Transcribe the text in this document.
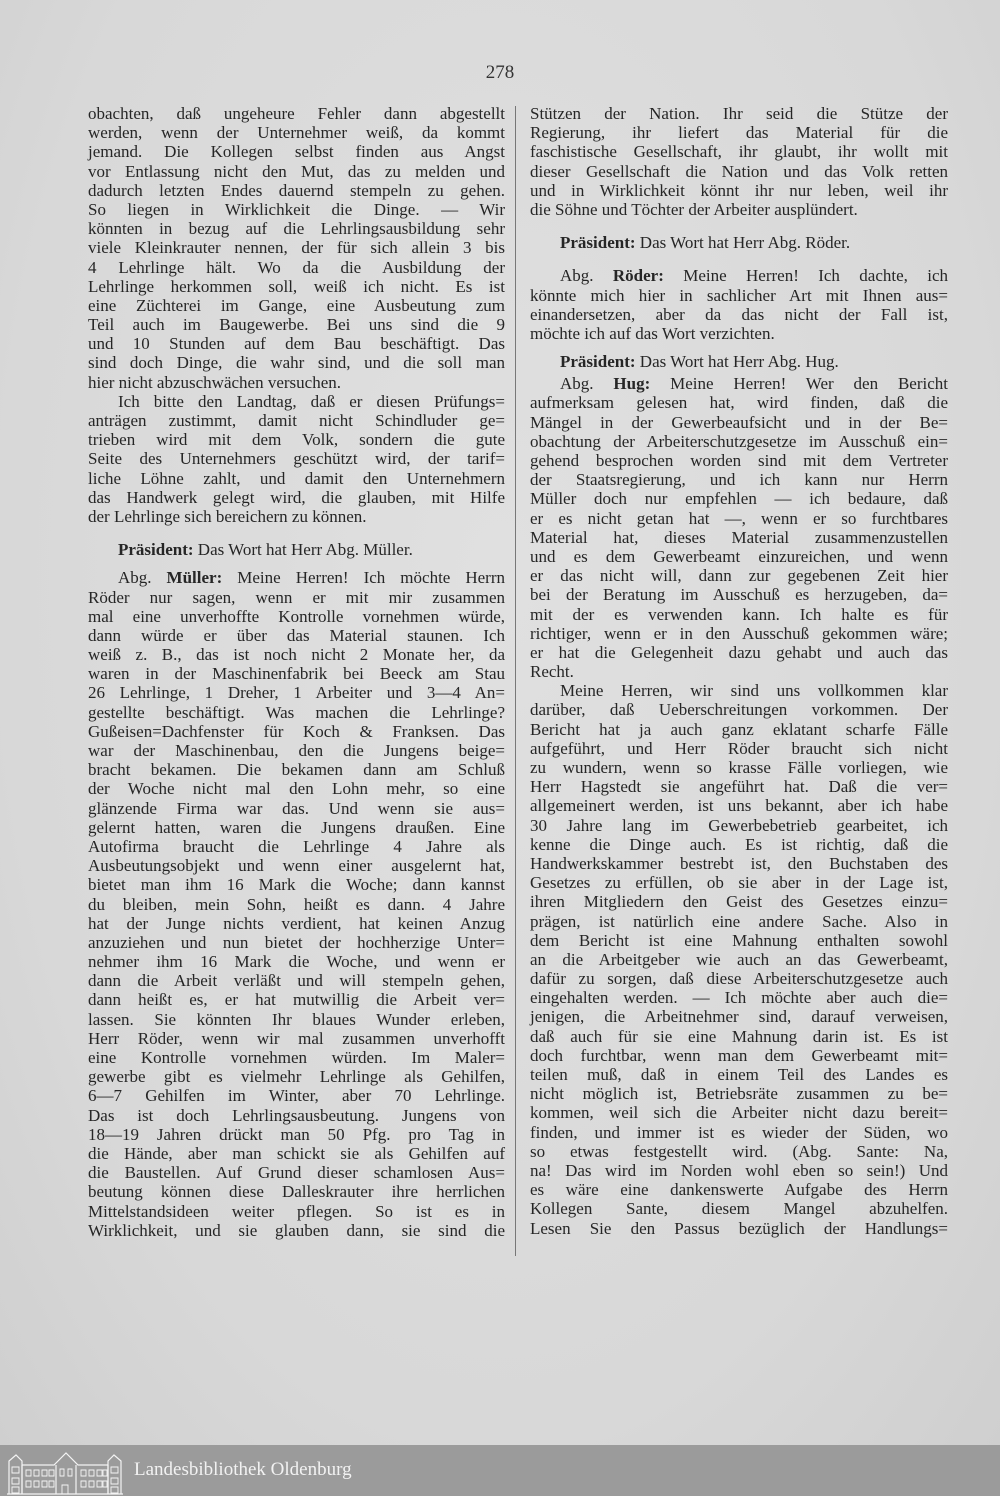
278
obachten, daß ungeheure Fehler dann abgestellt
werden, wenn der Unternehmer weiß, da kommt
jemand. Die Kollegen selbst finden aus Angst
vor Entlassung nicht den Mut, das zu melden und
dadurch letzten Endes dauernd stempeln zu gehen.
So liegen in Wirklichkeit die Dinge. — Wir
könnten in bezug auf die Lehrlingsausbildung sehr
viele Kleinkrauter nennen, der für sich allein 3 bis
4 Lehrlinge hält. Wo da die Ausbildung der
Lehrlinge herkommen soll, weiß ich nicht. Es ist
eine Züchterei im Gange, eine Ausbeutung zum
Teil auch im Baugewerbe. Bei uns sind die 9
und 10 Stunden auf dem Bau beschäftigt. Das
sind doch Dinge, die wahr sind, und die soll man
hier nicht abzuschwächen versuchen.
Ich bitte den Landtag, daß er diesen Prüfungs=
anträgen zustimmt, damit nicht Schindluder ge=
trieben wird mit dem Volk, sondern die gute
Seite des Unternehmers geschützt wird, der tarif=
liche Löhne zahlt, und damit den Unternehmern
das Handwerk gelegt wird, die glauben, mit Hilfe
der Lehrlinge sich bereichern zu können.
Präsident: Das Wort hat Herr Abg. Müller.
Abg. Müller: Meine Herren! Ich möchte Herrn
Röder nur sagen, wenn er mit mir zusammen
mal eine unverhoffte Kontrolle vornehmen würde,
dann würde er über das Material staunen. Ich
weiß z. B., das ist noch nicht 2 Monate her, da
waren in der Maschinenfabrik bei Beeck am Stau
26 Lehrlinge, 1 Dreher, 1 Arbeiter und 3—4 An=
gestellte beschäftigt. Was machen die Lehrlinge?
Gußeisen=Dachfenster für Koch & Franksen. Das
war der Maschinenbau, den die Jungens beige=
bracht bekamen. Die bekamen dann am Schluß
der Woche nicht mal den Lohn mehr, so eine
glänzende Firma war das. Und wenn sie aus=
gelernt hatten, waren die Jungens draußen. Eine
Autofirma braucht die Lehrlinge 4 Jahre als
Ausbeutungsobjekt und wenn einer ausgelernt hat,
bietet man ihm 16 Mark die Woche; dann kannst
du bleiben, mein Sohn, heißt es dann. 4 Jahre
hat der Junge nichts verdient, hat keinen Anzug
anzuziehen und nun bietet der hochherzige Unter=
nehmer ihm 16 Mark die Woche, und wenn er
dann die Arbeit verläßt und will stempeln gehen,
dann heißt es, er hat mutwillig die Arbeit ver=
lassen. Sie könnten Ihr blaues Wunder erleben,
Herr Röder, wenn wir mal zusammen unverhofft
eine Kontrolle vornehmen würden. Im Maler=
gewerbe gibt es vielmehr Lehrlinge als Gehilfen,
6—7 Gehilfen im Winter, aber 70 Lehrlinge.
Das ist doch Lehrlingsausbeutung. Jungens von
18—19 Jahren drückt man 50 Pfg. pro Tag in
die Hände, aber man schickt sie als Gehilfen auf
die Baustellen. Auf Grund dieser schamlosen Aus=
beutung können diese Dalleskrauter ihre herrlichen
Mittelstandsideen weiter pflegen. So ist es in
Wirklichkeit, und sie glauben dann, sie sind die
Stützen der Nation. Ihr seid die Stütze der
Regierung, ihr liefert das Material für die
faschistische Gesellschaft, ihr glaubt, ihr wollt mit
dieser Gesellschaft die Nation und das Volk retten
und in Wirklichkeit könnt ihr nur leben, weil ihr
die Söhne und Töchter der Arbeiter ausplündert.
Präsident: Das Wort hat Herr Abg. Röder.
Abg. Röder: Meine Herren! Ich dachte, ich
könnte mich hier in sachlicher Art mit Ihnen aus=
einandersetzen, aber da das nicht der Fall ist,
möchte ich auf das Wort verzichten.
Präsident: Das Wort hat Herr Abg. Hug.
Abg. Hug: Meine Herren! Wer den Bericht
aufmerksam gelesen hat, wird finden, daß die
Mängel in der Gewerbeaufsicht und in der Be=
obachtung der Arbeiterschutzgesetze im Ausschuß ein=
gehend besprochen worden sind mit dem Vertreter
der Staatsregierung, und ich kann nur Herrn
Müller doch nur empfehlen — ich bedaure, daß
er es nicht getan hat —, wenn er so furchtbares
Material hat, dieses Material zusammenzustellen
und es dem Gewerbeamt einzureichen, und wenn
er das nicht will, dann zur gegebenen Zeit hier
bei der Beratung im Ausschuß es herzugeben, da=
mit der es verwenden kann. Ich halte es für
richtiger, wenn er in den Ausschuß gekommen wäre;
er hat die Gelegenheit dazu gehabt und auch das
Recht.
Meine Herren, wir sind uns vollkommen klar
darüber, daß Ueberschreitungen vorkommen. Der
Bericht hat ja auch ganz eklatant scharfe Fälle
aufgeführt, und Herr Röder braucht sich nicht
zu wundern, wenn so krasse Fälle vorliegen, wie
Herr Hagstedt sie angeführt hat. Daß die ver=
allgemeinert werden, ist uns bekannt, aber ich habe
30 Jahre lang im Gewerbebetrieb gearbeitet, ich
kenne die Dinge auch. Es ist richtig, daß die
Handwerkskammer bestrebt ist, den Buchstaben des
Gesetzes zu erfüllen, ob sie aber in der Lage ist,
ihren Mitgliedern den Geist des Gesetzes einzu=
prägen, ist natürlich eine andere Sache. Also in
dem Bericht ist eine Mahnung enthalten sowohl
an die Arbeitgeber wie auch an das Gewerbeamt,
dafür zu sorgen, daß diese Arbeiterschutzgesetze auch
eingehalten werden. — Ich möchte aber auch die=
jenigen, die Arbeitnehmer sind, darauf verweisen,
daß auch für sie eine Mahnung darin ist. Es ist
doch furchtbar, wenn man dem Gewerbeamt mit=
teilen muß, daß in einem Teil des Landes es
nicht möglich ist, Betriebsräte zusammen zu be=
kommen, weil sich die Arbeiter nicht dazu bereit=
finden, und immer ist es wieder der Süden, wo
so etwas festgestellt wird. (Abg. Sante: Na,
na! Das wird im Norden wohl eben so sein!) Und
es wäre eine dankenswerte Aufgabe des Herrn
Kollegen Sante, diesem Mangel abzuhelfen.
Lesen Sie den Passus bezüglich der Handlungs=
Landesbibliothek Oldenburg
